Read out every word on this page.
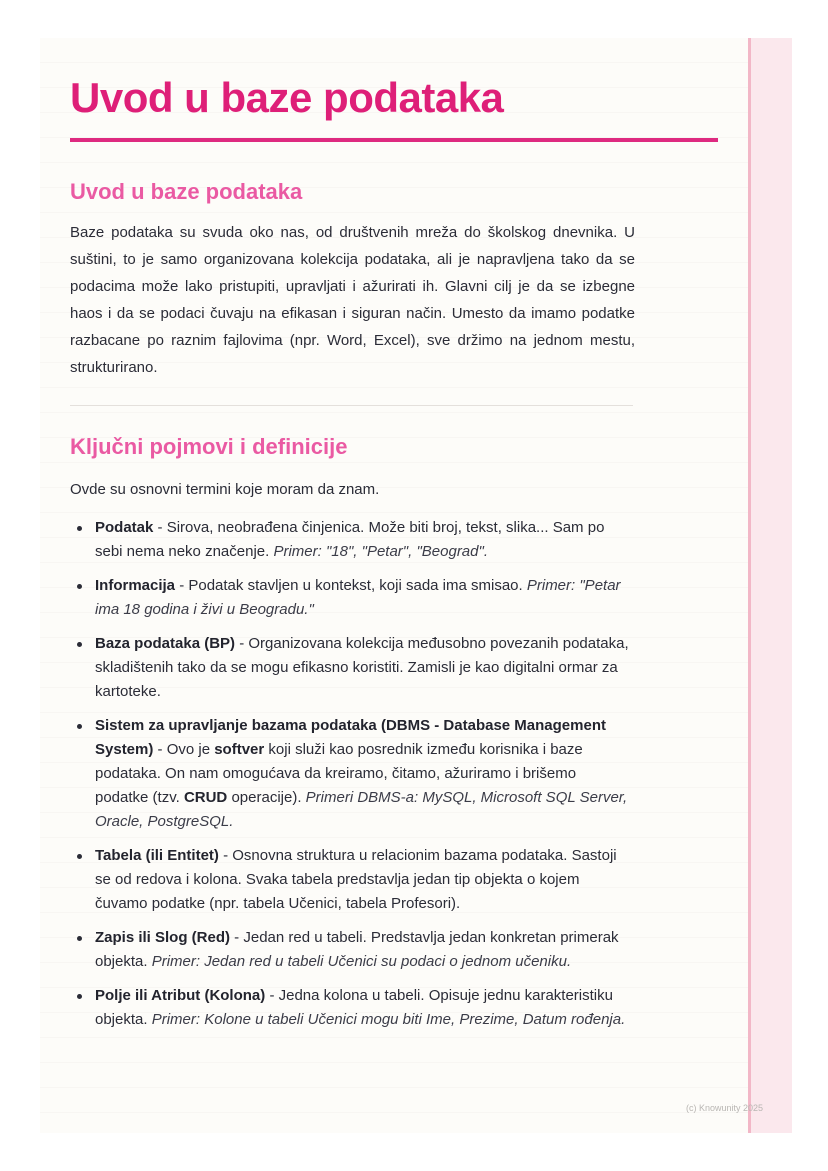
Uvod u baze podataka
Uvod u baze podataka

Baze podataka su svuda oko nas, od društvenih mreža do školskog dnevnika. U suštini, to je samo organizovana kolekcija podataka, ali je napravljena tako da se podacima može lako pristupiti, upravljati i ažurirati ih. Glavni cilj je da se izbegne haos i da se podaci čuvaju na efikasan i siguran način. Umesto da imamo podatke razbacane po raznim fajlovima (npr. Word, Excel), sve držimo na jednom mestu, strukturirano.

Ključni pojmovi i definicije

Ovde su osnovni termini koje moram da znam.

Podatak - Sirova, neobrađena činjenica. Može biti broj, tekst, slika... Sam po sebi nema neko značenje. Primer: "18", "Petar", "Beograd".
Informacija - Podatak stavljen u kontekst, koji sada ima smisao. Primer: "Petar ima 18 godina i živi u Beogradu."
Baza podataka (BP) - Organizovana kolekcija međusobno povezanih podataka, skladištenih tako da se mogu efikasno koristiti. Zamisli je kao digitalni ormar za kartoteke.
Sistem za upravljanje bazama podataka (DBMS - Database Management System) - Ovo je softver koji služi kao posrednik između korisnika i baze podataka. On nam omogućava da kreiramo, čitamo, ažuriramo i brišemo podatke (tzv. CRUD operacije). Primeri DBMS-a: MySQL, Microsoft SQL Server, Oracle, PostgreSQL.
Tabela (ili Entitet) - Osnovna struktura u relacionim bazama podataka. Sastoji se od redova i kolona. Svaka tabela predstavlja jedan tip objekta o kojem čuvamo podatke (npr. tabela Učenici, tabela Profesori).
Zapis ili Slog (Red) - Jedan red u tabeli. Predstavlja jedan konkretan primerak objekta. Primer: Jedan red u tabeli Učenici su podaci o jednom učeniku.
Polje ili Atribut (Kolona) - Jedna kolona u tabeli. Opisuje jednu karakteristiku objekta. Primer: Kolone u tabeli Učenici mogu biti Ime, Prezime, Datum rođenja.
(c) Knowunity 2025
